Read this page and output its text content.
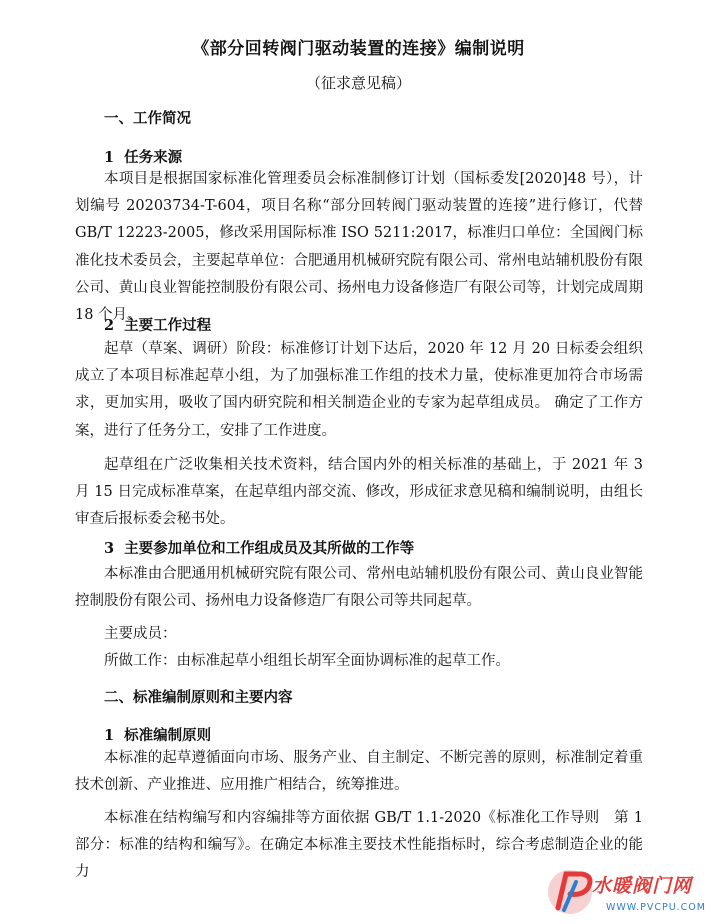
《部分回转阀门驱动装置的连接》编制说明
（征求意见稿）
一、工作简况
1  任务来源

本项目是根据国家标准化管理委员会标准制修订计划（国标委发[2020]48 号），计划编号 20203734-T-604，项目名称“部分回转阀门驱动装置的连接”进行修订，代替 GB/T 12223-2005，修改采用国际标准 ISO 5211:2017，标准归口单位：全国阀门标准化技术委员会，主要起草单位：合肥通用机械研究院有限公司、常州电站辅机股份有限公司、黄山良业智能控制股份有限公司、扬州电力设备修造厂有限公司等，计划完成周期 18 个月。

2  主要工作过程

起草（草案、调研）阶段：标准修订计划下达后，2020 年 12 月 20 日标委会组织成立了本项目标准起草小组，为了加强标准工作组的技术力量，使标准更加符合市场需求，更加实用，吸收了国内研究院和相关制造企业的专家为起草组成员。 确定了工作方案，进行了任务分工，安排了工作进度。

起草组在广泛收集相关技术资料，结合国内外的相关标准的基础上，于 2021 年 3 月 15 日完成标准草案，在起草组内部交流、修改，形成征求意见稿和编制说明，由组长审查后报标委会秘书处。

3  主要参加单位和工作组成员及其所做的工作等

本标准由合肥通用机械研究院有限公司、常州电站辅机股份有限公司、黄山良业智能控制股份有限公司、扬州电力设备修造厂有限公司等共同起草。

主要成员：
所做工作：由标准起草小组组长胡军全面协调标准的起草工作。
二、标准编制原则和主要内容
1  标准编制原则

本标准的起草遵循面向市场、服务产业、自主制定、不断完善的原则，标准制定着重技术创新、产业推进、应用推广相结合，统筹推进。

本标准在结构编写和内容编排等方面依据 GB/T 1.1-2020《标准化工作导则　第 1 部分：标准的结构和编写》。在确定本标准主要技术性能指标时，综合考虑制造企业的能力

水暖阀门网
WWW.PVCPU.COM
